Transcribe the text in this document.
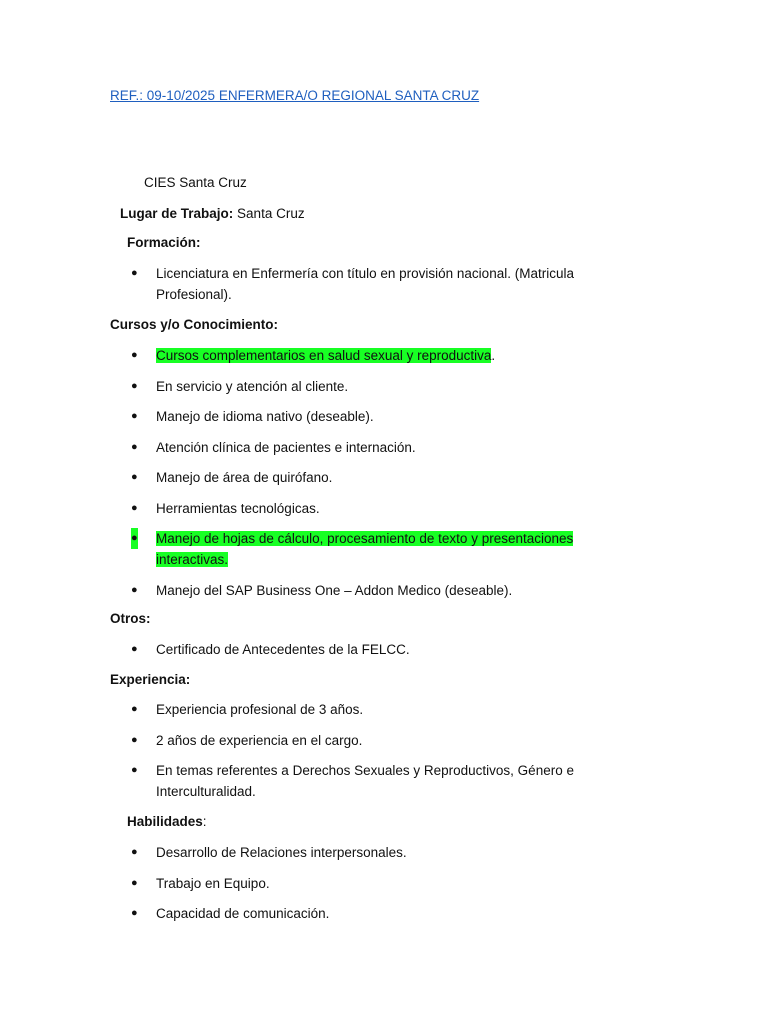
REF.: 09-10/2025 ENFERMERA/O REGIONAL SANTA CRUZ
CIES Santa Cruz
Lugar de Trabajo: Santa Cruz
Formación:
● Licenciatura en Enfermería con título en provisión nacional. (Matricula Profesional).
Cursos y/o Conocimiento:
● Cursos complementarios en salud sexual y reproductiva.
● En servicio y atención al cliente.
● Manejo de idioma nativo (deseable).
● Atención clínica de pacientes e internación.
● Manejo de área de quirófano.
● Herramientas tecnológicas.
● Manejo de hojas de cálculo, procesamiento de texto y presentaciones interactivas.
● Manejo del SAP Business One – Addon Medico (deseable).
Otros:
● Certificado de Antecedentes de la FELCC.
Experiencia:
● Experiencia profesional de 3 años.
● 2 años de experiencia en el cargo.
● En temas referentes a Derechos Sexuales y Reproductivos, Género e Interculturalidad.
Habilidades:
● Desarrollo de Relaciones interpersonales.
● Trabajo en Equipo.
● Capacidad de comunicación.
